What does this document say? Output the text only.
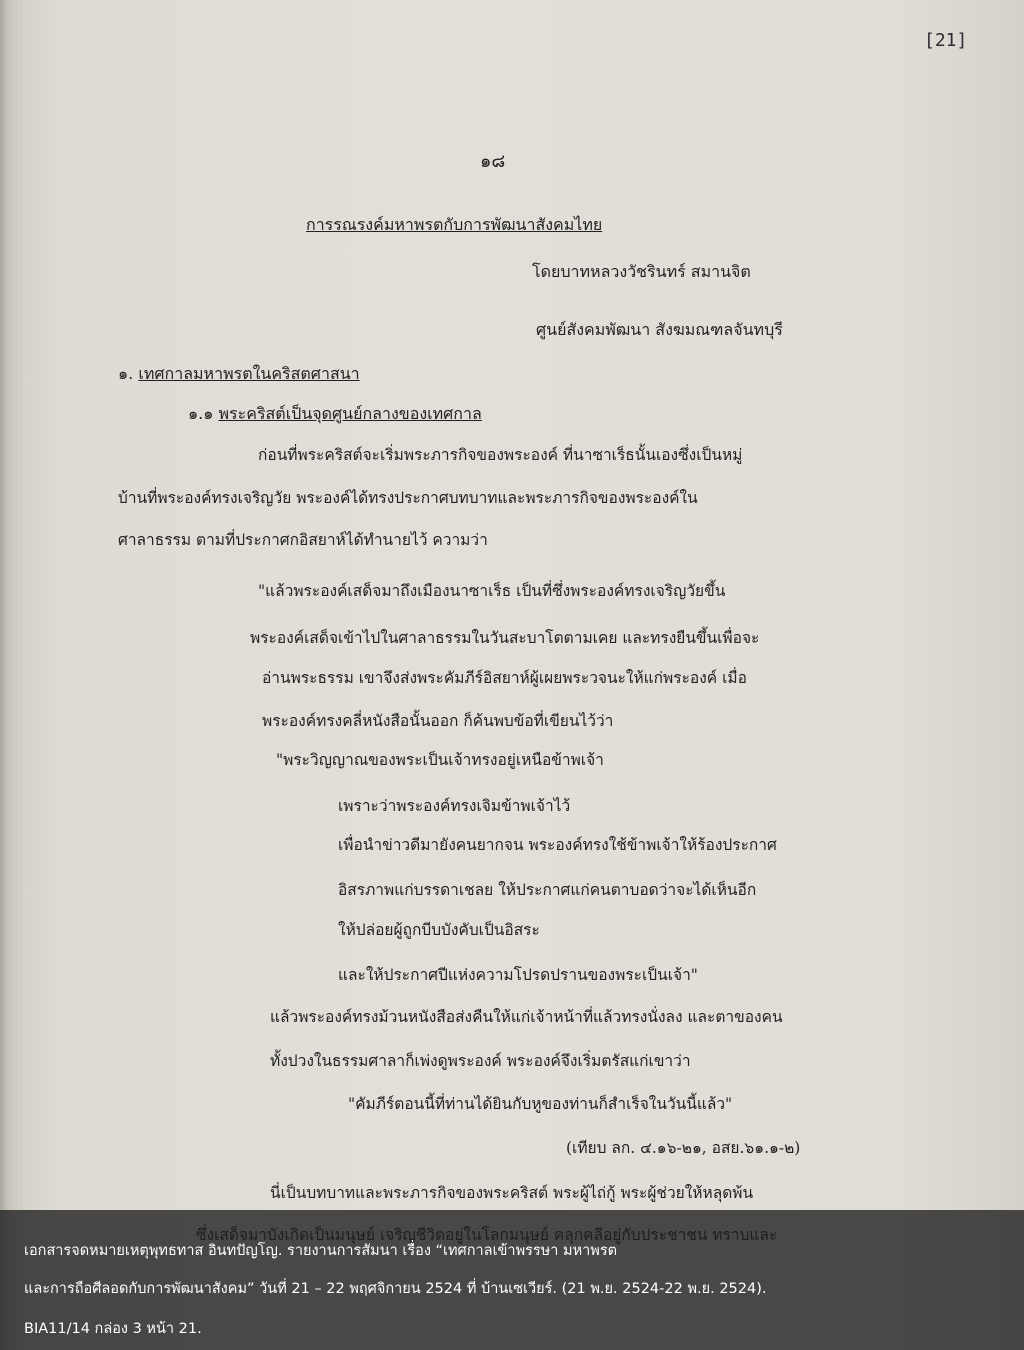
[21]
๑๘
การรณรงค์มหาพรตกับการพัฒนาสังคมไทย
โดยบาทหลวงวัชรินทร์ สมานจิต
ศูนย์สังคมพัฒนา สังฆมณฑลจันทบุรี
๑. เทศกาลมหาพรตในคริสตศาสนา
๑.๑ พระคริสต์เป็นจุดศูนย์กลางของเทศกาล
ก่อนที่พระคริสต์จะเริ่มพระภารกิจของพระองค์ ที่นาซาเร็ธนั้นเองซึ่งเป็นหมู่
บ้านที่พระองค์ทรงเจริญวัย พระองค์ได้ทรงประกาศบทบาทและพระภารกิจของพระองค์ใน
ศาลาธรรม ตามที่ประกาศกอิสยาห์ได้ทำนายไว้ ความว่า
"แล้วพระองค์เสด็จมาถึงเมืองนาซาเร็ธ เป็นที่ซึ่งพระองค์ทรงเจริญวัยขึ้น
พระองค์เสด็จเข้าไปในศาลาธรรมในวันสะบาโตตามเคย และทรงยืนขึ้นเพื่อจะ
อ่านพระธรรม เขาจึงส่งพระคัมภีร์อิสยาห์ผู้เผยพระวจนะให้แก่พระองค์ เมื่อ
พระองค์ทรงคลี่หนังสือนั้นออก ก็ค้นพบข้อที่เขียนไว้ว่า
"พระวิญญาณของพระเป็นเจ้าทรงอยู่เหนือข้าพเจ้า
เพราะว่าพระองค์ทรงเจิมข้าพเจ้าไว้
เพื่อนำข่าวดีมายังคนยากจน พระองค์ทรงใช้ข้าพเจ้าให้ร้องประกาศ
อิสรภาพแก่บรรดาเชลย ให้ประกาศแก่คนตาบอดว่าจะได้เห็นอีก
ให้ปล่อยผู้ถูกบีบบังคับเป็นอิสระ
และให้ประกาศปีแห่งความโปรดปรานของพระเป็นเจ้า"
แล้วพระองค์ทรงม้วนหนังสือส่งคืนให้แก่เจ้าหน้าที่แล้วทรงนั่งลง และตาของคน
ทั้งปวงในธรรมศาลาก็เพ่งดูพระองค์ พระองค์จึงเริ่มตรัสแก่เขาว่า
"คัมภีร์ตอนนี้ที่ท่านได้ยินกับหูของท่านก็สำเร็จในวันนี้แล้ว"
(เทียบ ลก. ๔.๑๖-๒๑, อสย.๖๑.๑-๒)
นี่เป็นบทบาทและพระภารกิจของพระคริสต์ พระผู้ไถ่กู้ พระผู้ช่วยให้หลุดพ้น
เอกสารจดหมายเหตุพุทธทาส อินทปัญโญ. รายงานการสัมนา เรื่อง “เทศกาลเข้าพรรษา มหาพรต
และการถือศีลอดกับการพัฒนาสังคม” วันที่ 21 – 22 พฤศจิกายน 2524 ที่ บ้านเซเวียร์. (21 พ.ย. 2524-22 พ.ย. 2524).
BIA11/14 กล่อง 3 หน้า 21.
